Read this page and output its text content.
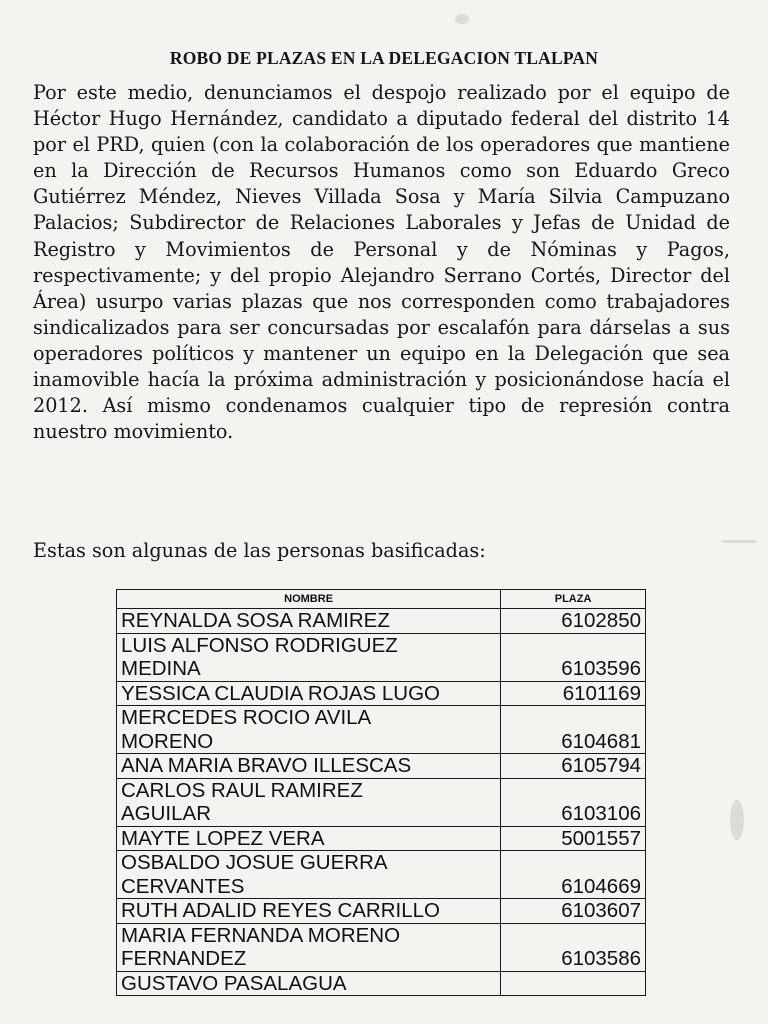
ROBO DE PLAZAS EN LA DELEGACION TLALPAN

Por este medio, denunciamos el despojo realizado por el equipo de Héctor Hugo Hernández, candidato a diputado federal del distrito 14 por el PRD, quien (con la colaboración de los operadores que mantiene en la Dirección de Recursos Humanos como son Eduardo Greco Gutiérrez Méndez, Nieves Villada Sosa y María Silvia Campuzano Palacios; Subdirector de Relaciones Laborales y Jefas de Unidad de Registro y Movimientos de Personal y de Nóminas y Pagos, respectivamente; y del propio Alejandro Serrano Cortés, Director del Área) usurpo varias plazas que nos corresponden como trabajadores sindicalizados para ser concursadas por escalafón para dárselas a sus operadores políticos y mantener un equipo en la Delegación que sea inamovible hacía la próxima administración y posicionándose hacía el 2012. Así mismo condenamos cualquier tipo de represión contra nuestro movimiento.

Estas son algunas de las personas basificadas:

NOMBRE	PLAZA
REYNALDA SOSA RAMIREZ	6102850
LUIS ALFONSO RODRIGUEZ
MEDINA	6103596
YESSICA CLAUDIA ROJAS LUGO	6101169
MERCEDES ROCIO AVILA
MORENO	6104681
ANA MARIA BRAVO ILLESCAS	6105794
CARLOS RAUL RAMIREZ
AGUILAR	6103106
MAYTE LOPEZ VERA	5001557
OSBALDO JOSUE GUERRA
CERVANTES	6104669
RUTH ADALID REYES CARRILLO	6103607
MARIA FERNANDA MORENO
FERNANDEZ	6103586
GUSTAVO PASALAGUA	
